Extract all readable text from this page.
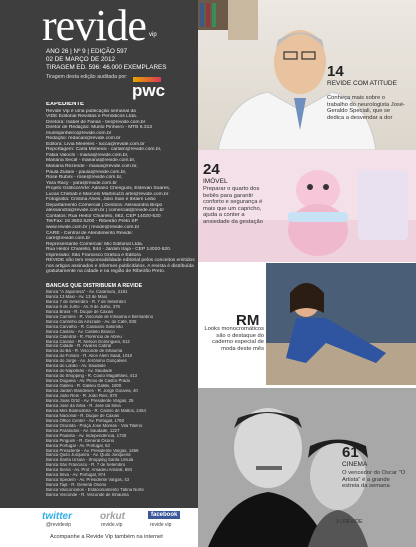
revide vip
ANO 26 | Nº 9 | EDIÇÃO 597
02 DE MARÇO DE 2012
TIRAGEM ED. 596: 46.000 EXEMPLARES
Tiragem desta edição auditada por:
pwc

EXPEDIENTE

Revide Vip é uma publicação semanal da

VIDE Editorial Revistas e Periódicos Ltda.

Diretora: Isabel de Farias - be@revide.com.br

Diretor de Redação: Murilo Pinheiro - MTB 6.313

murilopinheiro@revide.com.br

Redação: redacao@revide.com.br

Editora: Lívia Meireles - lucca@revide.com.br

Reportagem: Carla Mimessi - carlam@revide.com.br,

Fábia Valochi - maisa@revide.com.br,

Mariana Secaf - mariana@revide.com.br,

Mariana Rezende - maisa@revide.com.br,

Paula Zuliani - paula@revide.com.br,

Rose Rubini - rose@revide.com.br,

Yara Racy - yara@revide.com.br

Projeto Gráfico/Arte: Adriano Chenguini, Estevan Soares,

Lucas Chebab e Marcelo Martinuzzi arte@revide.com.br

Fotografia: Cristina Alves, Júlio Sian e Ibraim Leão

Departamento Comercial | Gestora: Alessandra Bispo

alessandra@revide.com.br | comercial@revide.com.br

Contatos: Rua Heitor Chiarello, 862, CEP 14020-520

Tel/Fax: 16 3602.5200 - Ribeirão Preto SP

www.revide.com.br | revide@revide.com.br

CARE - Central de Atendimento Revide:

care@revide.com.br

Representante Comercial: Mic Editorial Ltda.

Rua Heitor Chiarello, 844 - Jardim Irajá - CEP 14020-520.

Impressão: São Francisco Gráfica e Editora

REVIDE não tem responsabilidade editorial pelos conceitos emitidos nos artigos assinados e informes publicitários. A revista é distribuída gratuitamente na cidade e na região de Ribeirão Preto.
BANCAS QUE DISTRIBUEM A REVIDE

Banca "A Japonesa" - Av. Caramuru, 2181

Banca 13 Maio - Av. 13 de Maio

Banca 7 de Setembro - R. 7 de Setembro

Banca 9 de Julho - Av. 9 de Julho, 376

Banca Brasil - R. Duque de Caxias

Banca Camões - R. Visconde de Inhaúma e Bernardino

Banca Cantinho da Amizade - Av. do Café, 835

Banca Carvalho - R. Cassiano Salomão

Banca Castelo - Av. Castelo Branco

Banca Catedral - R. Florêncio de Abreu

Banca Cavalin - R. Nelson Domingues, 812

Banca Cidade - R. Álvares Cabral

Banca do Bá - R. Visconde de Inhaúma

Banca do Fonaro - R. Alice Além Saad, 1010

Banca do Jorge - Av. Jerônimo Gonçalves

Banca do Lobão - Av. Saudade

Banca do Napoleão - Av. Saudade

Banca do Shopping - R. Couto Magalhães, 413

Banca Dogueia - Av. Plínio de Castro Prado

Banca Galileu - R. Galileu Galilei, 1800

Banca Jardim Irlandeses - R. Jorge Gouvea, 40

Banca João Reis - R. João Reis, 870

Banca Jóias Ortiz - Av. Presidente Vargas, 25

Banca José da Silva - R. José da Silva

Banca Mini Bodexobria - R. Camilo de Mattos, 2454

Banca Nacional - R. Duque de Caxias

Banca Office Center - Av. Portugal, 1760

Banca Oracilda - Praça José Moréas - Vila Tibério

Banca Paratodos - Av. Saudade, 1227

Banca Paulista - Av. Independência, 1730

Banca Pinguim - R. General Osório

Banca Portugal - Av. Portugal, 63

Banca Presidente - Av. Presidente Vargas, 1466

Banca Quito Jurqueira - Av. Quito Junqueira

Banca Santa Úrsula - Shopping Santa Úrsula

Banca São Francisco - R. 7 de Setembro

Banca Siena - Av. Prof. Amadeu Amaral, 684

Banca Silva - Av. Portugal, 974

Banca Spedem - Av. Presidente Vargas, 43

Banca Tajá - R. General Osório

Banca Vasconcelos - Estacionamento Tátina Norte

Banca Visconde - R. Visconde de Inhaúma

twitter
@revidevip
orkut
revide.vip
facebook
revide vip
Acompanhe a Revide Vip também na internet
14
REVIDE COM ATITUDE
Conheça mais sobre o trabalho do neurologista José-Geraldo Speciali, que se dedica a desvendar a dor
24
IMÓVEL
Preparar o quarto dos bebês para garantir conforto e segurança é mais que um capricho, ajuda a conter a ansiedade da gestação
RM
Looks monocromáticos são o destaque do caderno especial de moda deste mês
61
CINEMA
O vencedor do Oscar "O Artista" é a grande estreia da semana
3 | REVIDE
